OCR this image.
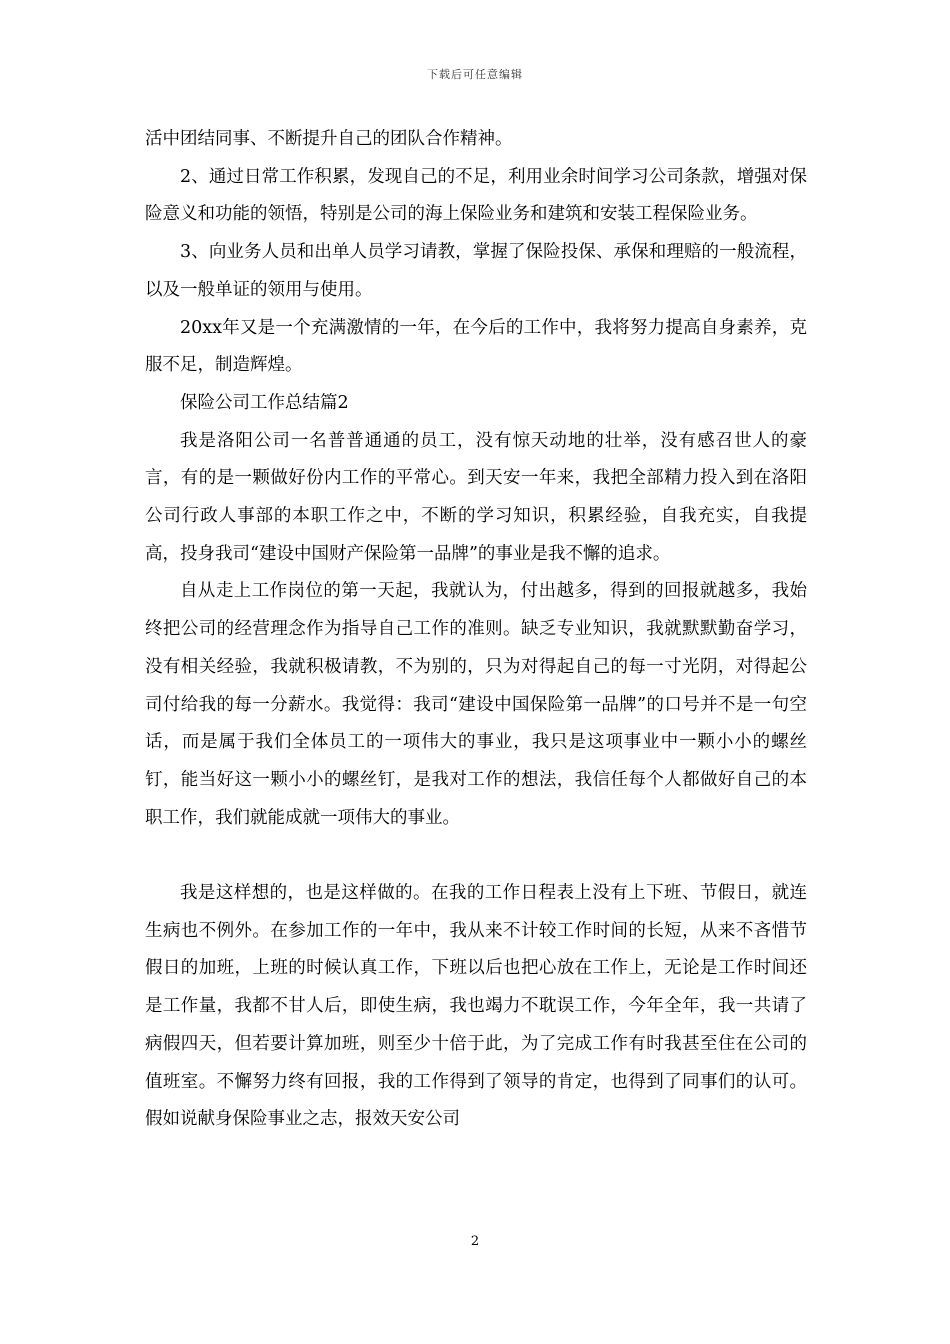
下载后可任意编辑

活中团结同事、不断提升自己的团队合作精神。

2、通过日常工作积累，发现自己的不足，利用业余时间学习公司条款，增强对保险意义和功能的领悟，特别是公司的海上保险业务和建筑和安装工程保险业务。

3、向业务人员和出单人员学习请教，掌握了保险投保、承保和理赔的一般流程，以及一般单证的领用与使用。

20xx年又是一个充满激情的一年，在今后的工作中，我将努力提高自身素养，克服不足，制造辉煌。

保险公司工作总结篇2

我是洛阳公司一名普普通通的员工，没有惊天动地的壮举，没有感召世人的豪言，有的是一颗做好份内工作的平常心。到天安一年来，我把全部精力投入到在洛阳公司行政人事部的本职工作之中，不断的学习知识，积累经验，自我充实，自我提高，投身我司“建设中国财产保险第一品牌”的事业是我不懈的追求。

自从走上工作岗位的第一天起，我就认为，付出越多，得到的回报就越多，我始终把公司的经营理念作为指导自己工作的准则。缺乏专业知识，我就默默勤奋学习，没有相关经验，我就积极请教，不为别的，只为对得起自己的每一寸光阴，对得起公司付给我的每一分薪水。我觉得：我司“建设中国保险第一品牌”的口号并不是一句空话，而是属于我们全体员工的一项伟大的事业，我只是这项事业中一颗小小的螺丝钉，能当好这一颗小小的螺丝钉，是我对工作的想法，我信任每个人都做好自己的本职工作，我们就能成就一项伟大的事业。

我是这样想的，也是这样做的。在我的工作日程表上没有上下班、节假日，就连生病也不例外。在参加工作的一年中，我从来不计较工作时间的长短，从来不吝惜节假日的加班，上班的时候认真工作，下班以后也把心放在工作上，无论是工作时间还是工作量，我都不甘人后，即使生病，我也竭力不耽误工作，今年全年，我一共请了病假四天，但若要计算加班，则至少十倍于此，为了完成工作有时我甚至住在公司的值班室。不懈努力终有回报，我的工作得到了领导的肯定，也得到了同事们的认可。假如说献身保险事业之志，报效天安公司

2
